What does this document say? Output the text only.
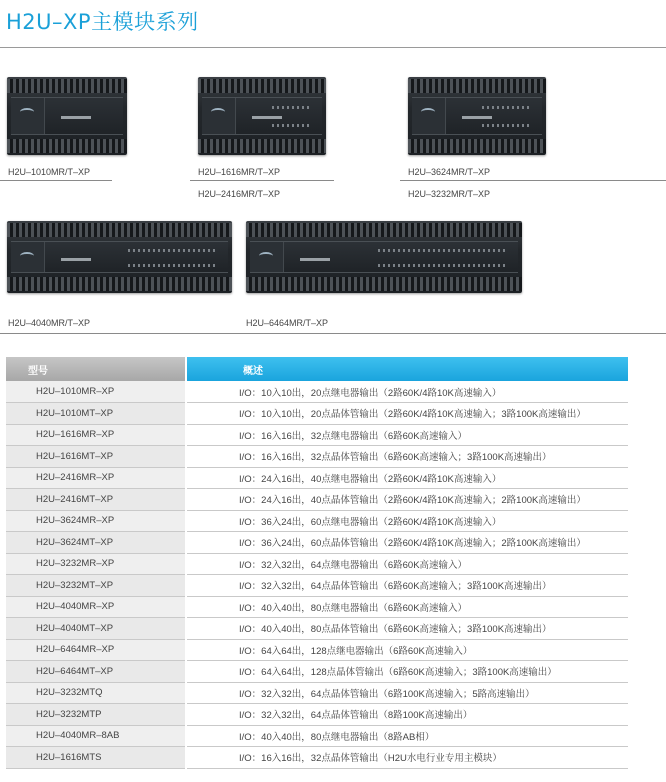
H2U–XP主模块系列
H2U–1010MR/T–XP	H2U–1616MR/T–XP
H2U–2416MR/T–XP
H2U–3624MR/T–XP
H2U–3232MR/T–XP
H2U–4040MR/T–XP	H2U–6464MR/T–XP
型号	概述
H2U–1010MR–XP	I/O：10入10出，20点继电器输出（2路60K/4路10K高速输入）
H2U–1010MT–XP	I/O：10入10出，20点晶体管输出（2路60K/4路10K高速输入；3路100K高速输出）
H2U–1616MR–XP	I/O：16入16出，32点继电器输出（6路60K高速输入）
H2U–1616MT–XP	I/O：16入16出，32点晶体管输出（6路60K高速输入；3路100K高速输出）
H2U–2416MR–XP	I/O：24入16出，40点继电器输出（2路60K/4路10K高速输入）
H2U–2416MT–XP	I/O：24入16出，40点晶体管输出（2路60K/4路10K高速输入；2路100K高速输出）
H2U–3624MR–XP	I/O：36入24出，60点继电器输出（2路60K/4路10K高速输入）
H2U–3624MT–XP	I/O：36入24出，60点晶体管输出（2路60K/4路10K高速输入；2路100K高速输出）
H2U–3232MR–XP	I/O：32入32出，64点继电器输出（6路60K高速输入）
H2U–3232MT–XP	I/O：32入32出，64点晶体管输出（6路60K高速输入；3路100K高速输出）
H2U–4040MR–XP	I/O：40入40出，80点继电器输出（6路60K高速输入）
H2U–4040MT–XP	I/O：40入40出，80点晶体管输出（6路60K高速输入；3路100K高速输出）
H2U–6464MR–XP	I/O：64入64出，128点继电器输出（6路60K高速输入）
H2U–6464MT–XP	I/O：64入64出，128点晶体管输出（6路60K高速输入；3路100K高速输出）
H2U–3232MTQ	I/O：32入32出，64点晶体管输出（6路100K高速输入；5路高速输出）
H2U–3232MTP	I/O：32入32出，64点晶体管输出（8路100K高速输出）
H2U–4040MR–8AB	I/O：40入40出，80点继电器输出（8路AB相）
H2U–1616MTS	I/O：16入16出，32点晶体管输出（H2U水电行业专用主模块）
